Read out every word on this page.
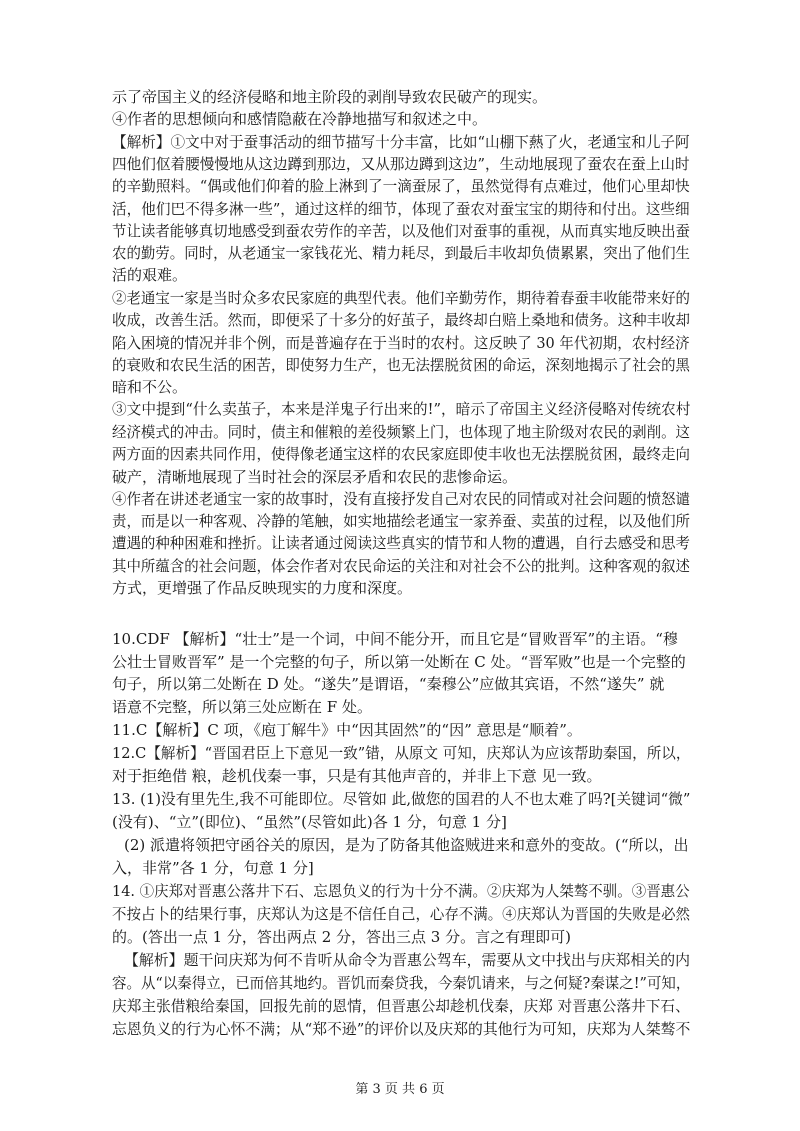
示了帝国主义的经济侵略和地主阶段的剥削导致农民破产的现实。
④作者的思想倾向和感情隐蔽在冷静地描写和叙述之中。
【解析】①文中对于蚕事活动的细节描写十分丰富，比如“山棚下爇了火，老通宝和儿子阿
四他们伛着腰慢慢地从这边蹲到那边，又从那边蹲到这边”，生动地展现了蚕农在蚕上山时
的辛勤照料。“偶或他们仰着的脸上淋到了一滴蚕尿了，虽然觉得有点难过，他们心里却快
活，他们巴不得多淋一些”，通过这样的细节，体现了蚕农对蚕宝宝的期待和付出。这些细
节让读者能够真切地感受到蚕农劳作的辛苦，以及他们对蚕事的重视，从而真实地反映出蚕
农的勤劳。同时，从老通宝一家钱花光、精力耗尽，到最后丰收却负债累累，突出了他们生
活的艰难。
②老通宝一家是当时众多农民家庭的典型代表。他们辛勤劳作，期待着春蚕丰收能带来好的
收成，改善生活。然而，即便采了十多分的好茧子，最终却白赔上桑地和债务。这种丰收却
陷入困境的情况并非个例，而是普遍存在于当时的农村。这反映了 30 年代初期，农村经济
的衰败和农民生活的困苦，即使努力生产，也无法摆脱贫困的命运，深刻地揭示了社会的黑
暗和不公。
③文中提到“什么卖茧子，本来是洋鬼子行出来的!”，暗示了帝国主义经济侵略对传统农村
经济模式的冲击。同时，债主和催粮的差役频繁上门，也体现了地主阶级对农民的剥削。这
两方面的因素共同作用，使得像老通宝这样的农民家庭即使丰收也无法摆脱贫困，最终走向
破产，清晰地展现了当时社会的深层矛盾和农民的悲惨命运。
④作者在讲述老通宝一家的故事时，没有直接抒发自己对农民的同情或对社会问题的愤怒谴
责，而是以一种客观、冷静的笔触，如实地描绘老通宝一家养蚕、卖茧的过程，以及他们所
遭遇的种种困难和挫折。让读者通过阅读这些真实的情节和人物的遭遇，自行去感受和思考
其中所蕴含的社会问题，体会作者对农民命运的关注和对社会不公的批判。这种客观的叙述
方式，更增强了作品反映现实的力度和深度。
10.CDF 【解析】“壮士”是一个词，中间不能分开，而且它是“冒败晋军”的主语。“穆
公壮士冒败晋军” 是一个完整的句子，所以第一处断在 C 处。“晋军败”也是一个完整的
句子，所以第二处断在 D 处。“遂失”是谓语，“秦穆公”应做其宾语，不然“遂失” 就
语意不完整，所以第三处应断在 F 处。
11.C【解析】C 项，《庖丁解牛》中“因其固然”的“因” 意思是“顺着”。
12.C【解析】“晋国君臣上下意见一致”错，从原文 可知，庆郑认为应该帮助秦国，所以，
对于拒绝借 粮，趁机伐秦一事，只是有其他声音的，并非上下意 见一致。
13. (1)没有里先生,我不可能即位。尽管如 此,做您的国君的人不也太难了吗?[关键词“微”
(没有)、“立”(即位)、“虽然”(尽管如此)各 1 分，句意 1 分]
(2) 派遣将领把守函谷关的原因，是为了防备其他盗贼进来和意外的变故。(“所以，出
入，非常”各 1 分，句意 1 分]
14. ①庆郑对晋惠公落井下石、忘恩负义的行为十分不满。②庆郑为人桀骜不驯。③晋惠公
不按占卜的结果行事，庆郑认为这是不信任自己，心存不满。④庆郑认为晋国的失败是必然
的。(答出一点 1 分，答出两点 2 分，答出三点 3 分。言之有理即可)
【解析】题干问庆郑为何不肯听从命令为晋惠公驾车，需要从文中找出与庆郑相关的内
容。从“以秦得立，已而倍其地约。晋饥而秦贷我，今秦饥请来，与之何疑?秦谋之!”可知，
庆郑主张借粮给秦国，回报先前的恩情，但晋惠公却趁机伐秦，庆郑 对晋惠公落井下石、
忘恩负义的行为心怀不满；从“郑不逊”的评价以及庆郑的其他行为可知，庆郑为人桀骜不
第 3 页 共 6 页
